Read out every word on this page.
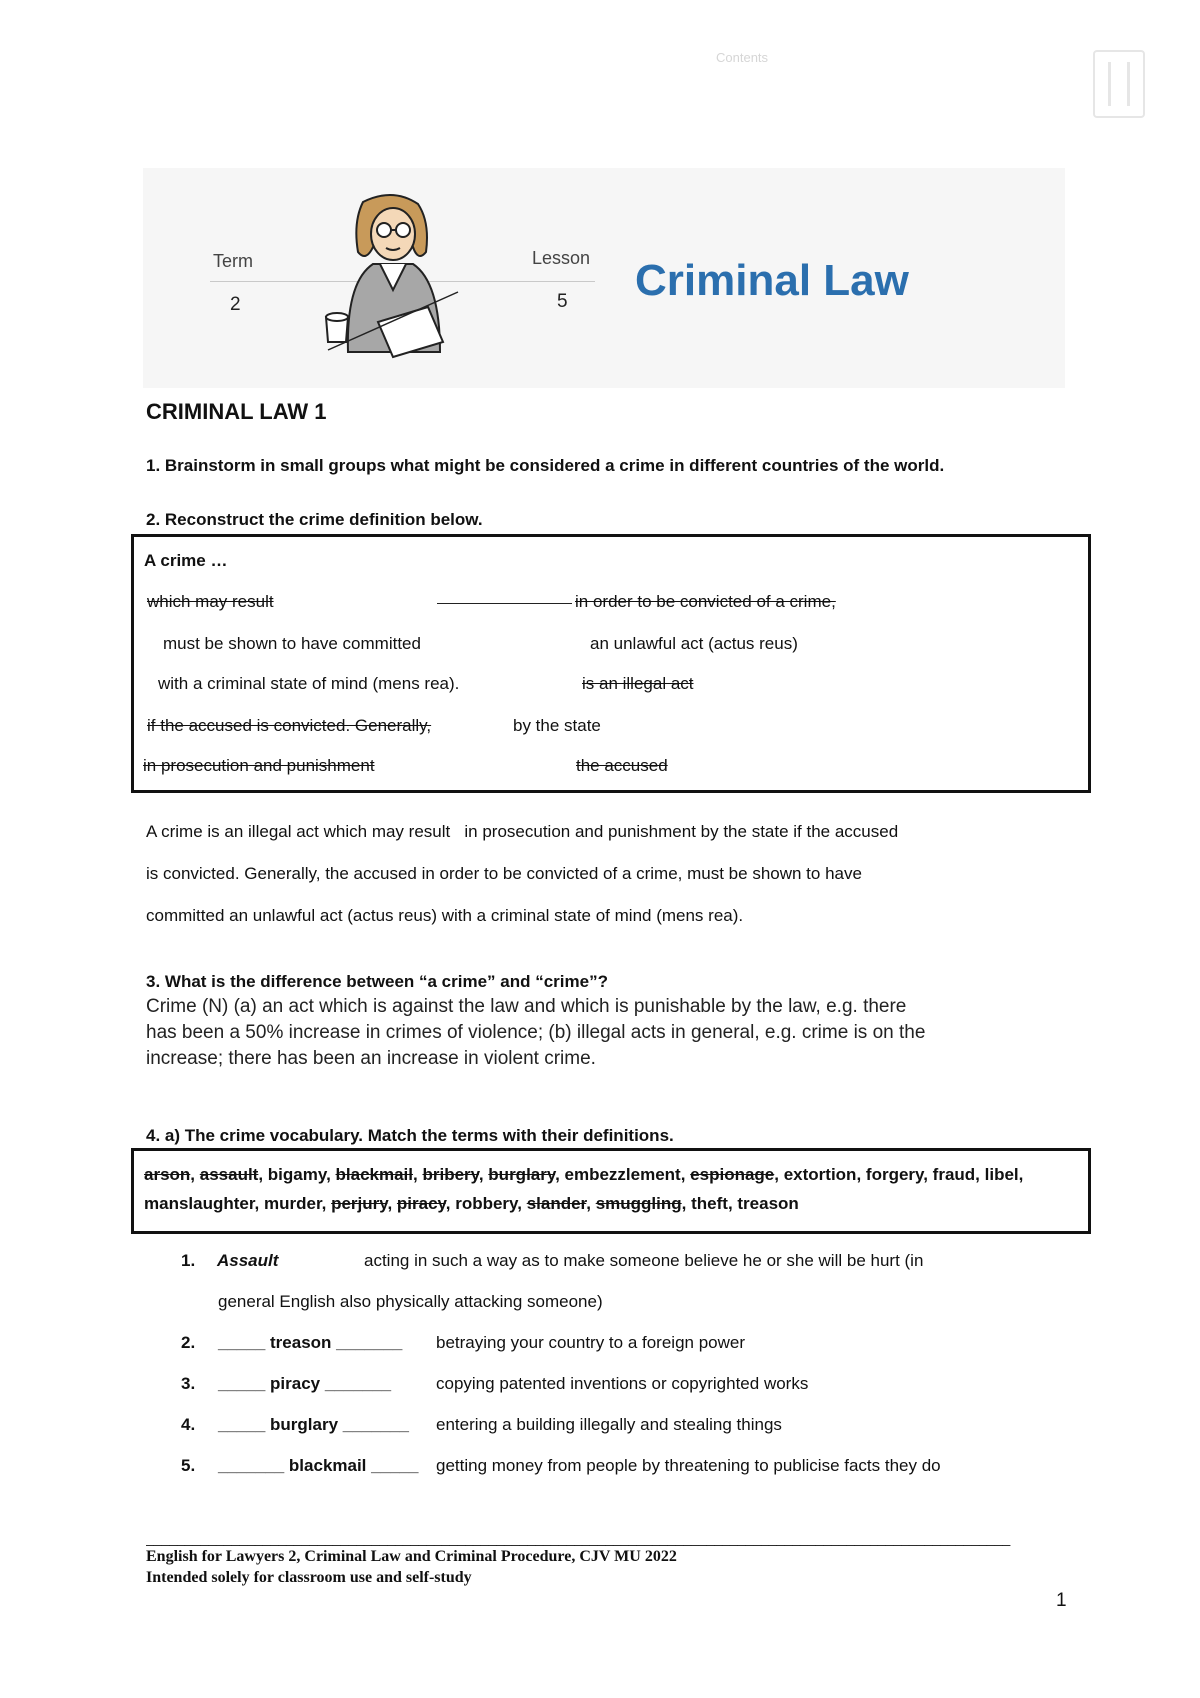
Contents
Term
2
Lesson
5 Criminal Law
CRIMINAL LAW 1
1. Brainstorm in small groups what might be considered a crime in different countries of the world.
2. Reconstruct the crime definition below.
A crime …
which may result	in order to be convicted of a crime,
must be shown to have committed	an unlawful act (actus reus)
with a criminal state of mind (mens rea).	is an illegal act
if the accused is convicted. Generally,	by the state
in prosecution and punishment	the accused
A crime is an illegal act which may result   in prosecution and punishment by the state if the accused
is convicted. Generally, the accused in order to be convicted of a crime, must be shown to have
committed an unlawful act (actus reus) with a criminal state of mind (mens rea).
3. What is the difference between “a crime” and “crime”?
Crime (N) (a) an act which is against the law and which is punishable by the law, e.g. there
has been a 50% increase in crimes of violence; (b) illegal acts in general, e.g. crime is on the
increase; there has been an increase in violent crime.
4. a) The crime vocabulary. Match the terms with their definitions.
arson, assault, bigamy, blackmail, bribery, burglary, embezzlement, espionage, extortion, forgery, fraud, libel, manslaughter, murder, perjury, piracy, robbery, slander, smuggling, theft, treason
1. Assault	acting in such a way as to make someone believe he or she will be hurt (in
general English also physically attacking someone)
2. _____ treason _______ betraying your country to a foreign power
3. _____ piracy _______	copying patented inventions or copyrighted works
4. _____ burglary _______ entering a building illegally and stealing things
5. _______ blackmail _____ getting money from people by threatening to publicise facts they do
_______________________________________________________________________________________________________________
English for Lawyers 2, Criminal Law and Criminal Procedure, CJV MU 2022
Intended solely for classroom use and self-study
1
